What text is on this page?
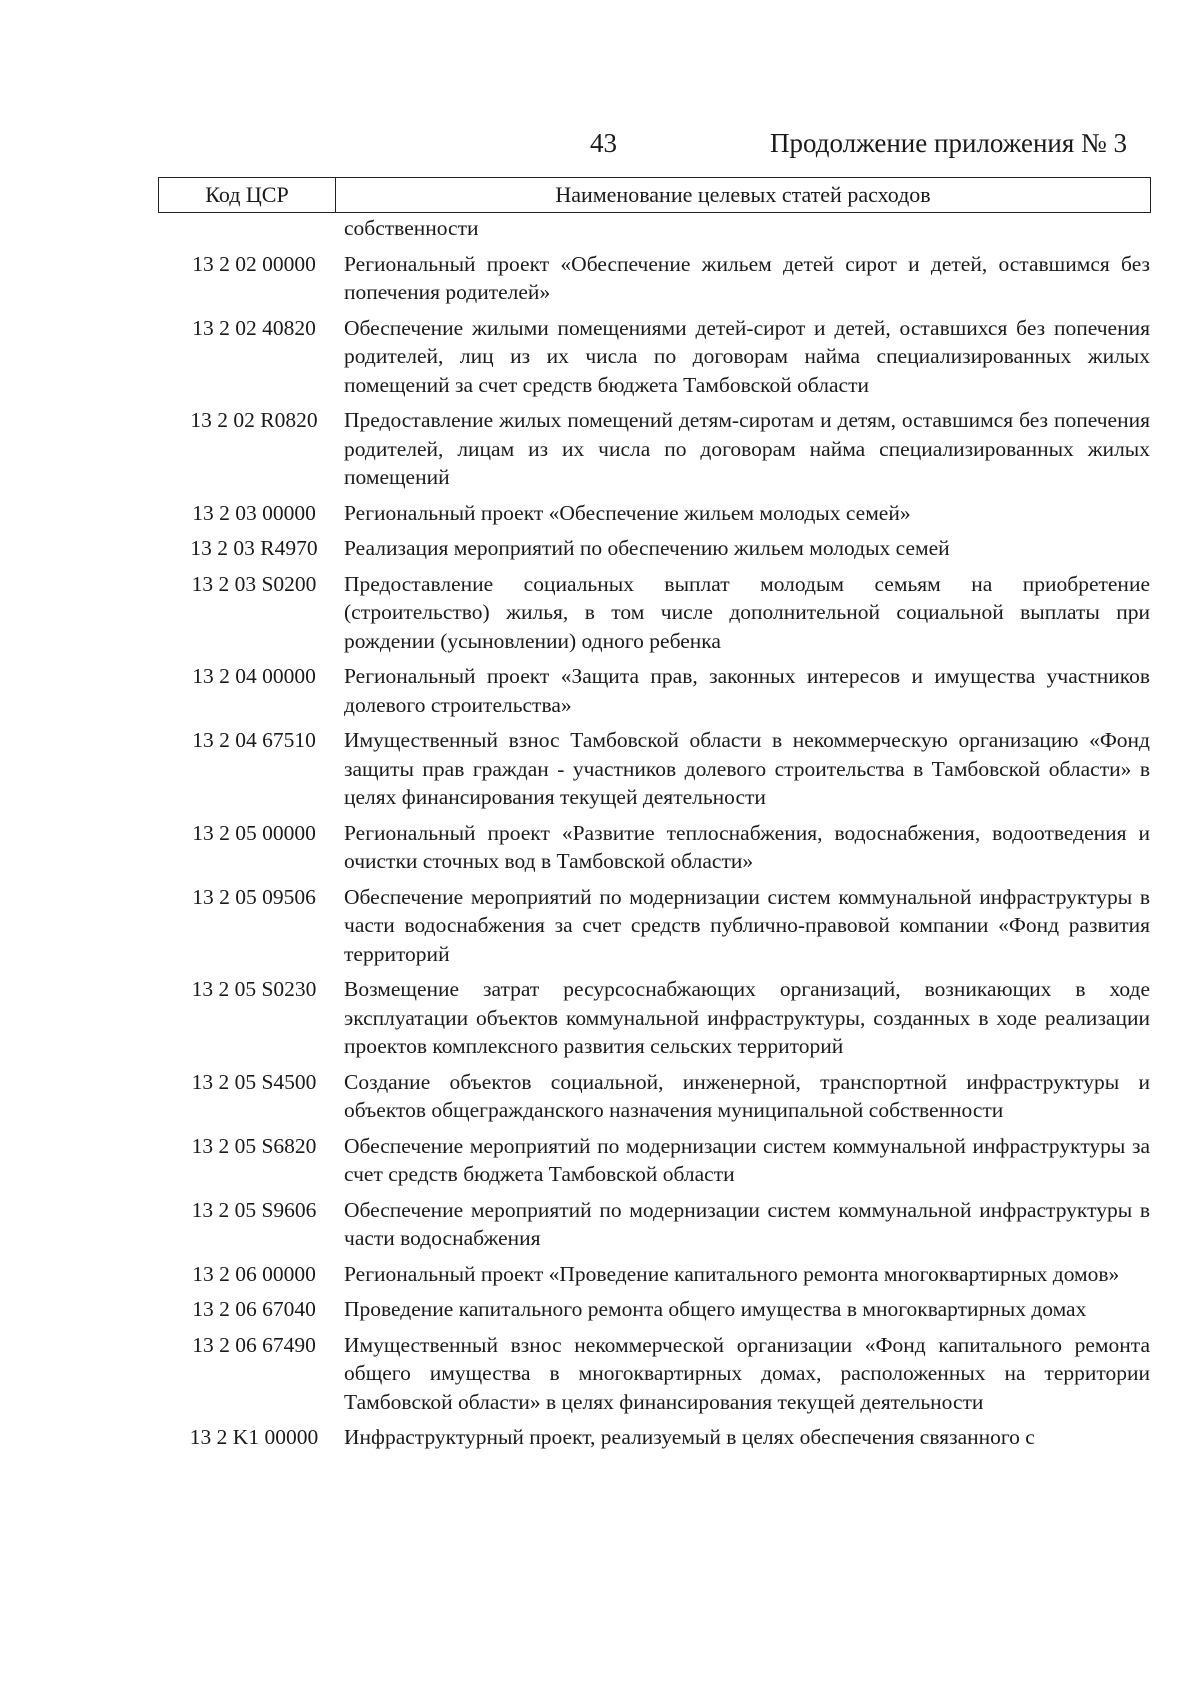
43	Продолжение приложения № 3
Код ЦСР	Наименование целевых статей расходов
собственности
13 2 02 00000	Региональный проект «Обеспечение жильем детей сирот и детей, оставшимся без попечения родителей»
13 2 02 40820	Обеспечение жилыми помещениями детей-сирот и детей, оставшихся без попечения родителей, лиц из их числа по договорам найма специализированных жилых помещений за счет средств бюджета Тамбовской области
13 2 02 R0820	Предоставление жилых помещений детям-сиротам и детям, оставшимся без попечения родителей, лицам из их числа по договорам найма специализированных жилых помещений
13 2 03 00000	Региональный проект «Обеспечение жильем молодых семей»
13 2 03 R4970	Реализация мероприятий по обеспечению жильем молодых семей
13 2 03 S0200	Предоставление социальных выплат молодым семьям на приобретение (строительство) жилья, в том числе дополнительной социальной выплаты при рождении (усыновлении) одного ребенка
13 2 04 00000	Региональный проект «Защита прав, законных интересов и имущества участников долевого строительства»
13 2 04 67510	Имущественный взнос Тамбовской области в некоммерческую организацию «Фонд защиты прав граждан - участников долевого строительства в Тамбовской области» в целях финансирования текущей деятельности
13 2 05 00000	Региональный проект «Развитие теплоснабжения, водоснабжения, водоотведения и очистки сточных вод в Тамбовской области»
13 2 05 09506	Обеспечение мероприятий по модернизации систем коммунальной инфраструктуры в части водоснабжения за счет средств публично-правовой компании «Фонд развития территорий
13 2 05 S0230	Возмещение затрат ресурсоснабжающих организаций, возникающих в ходе эксплуатации объектов коммунальной инфраструктуры, созданных в ходе реализации проектов комплексного развития сельских территорий
13 2 05 S4500	Создание объектов социальной, инженерной, транспортной инфраструктуры и объектов общегражданского назначения муниципальной собственности
13 2 05 S6820	Обеспечение мероприятий по модернизации систем коммунальной инфраструктуры за счет средств бюджета Тамбовской области
13 2 05 S9606	Обеспечение мероприятий по модернизации систем коммунальной инфраструктуры в части водоснабжения
13 2 06 00000	Региональный проект «Проведение капитального ремонта многоквартирных домов»
13 2 06 67040	Проведение капитального ремонта общего имущества в многоквартирных домах
13 2 06 67490	Имущественный взнос некоммерческой организации «Фонд капитального ремонта общего имущества в многоквартирных домах, расположенных на территории Тамбовской области» в целях финансирования текущей деятельности
13 2 K1 00000	Инфраструктурный проект, реализуемый в целях обеспечения связанного с
